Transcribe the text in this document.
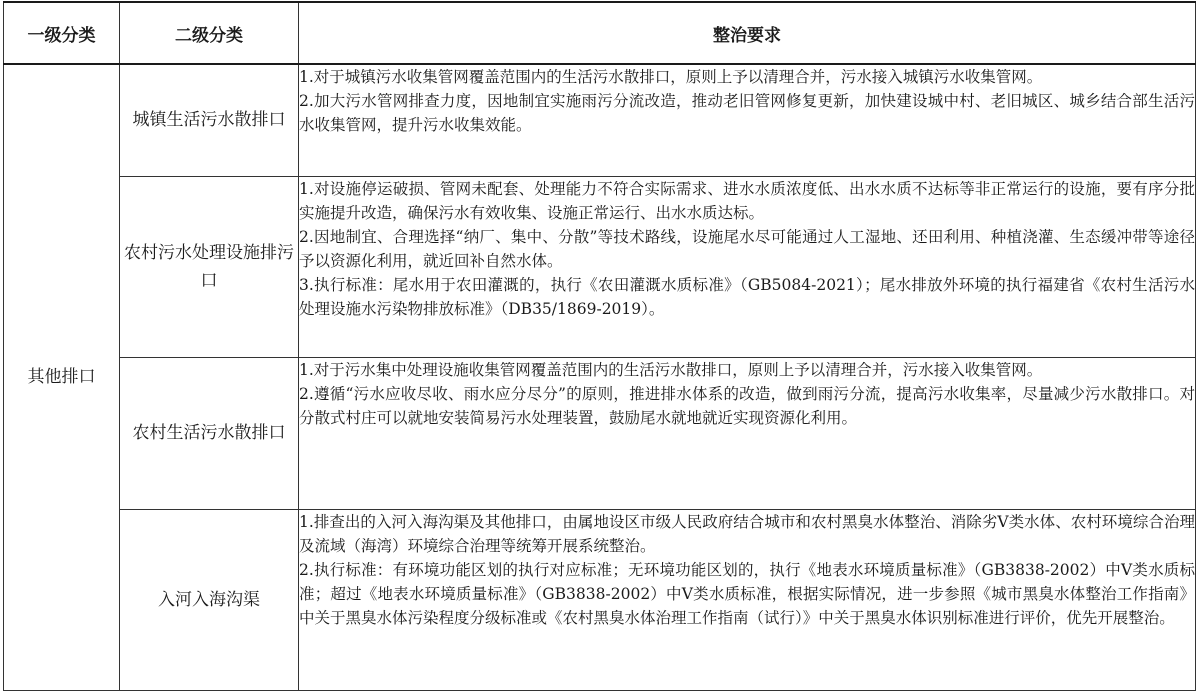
一级分类	二级分类	整治要求
其他排口	城镇生活污水散排口	1.对于城镇污水收集管网覆盖范围内的生活污水散排口，原则上予以清理合并，污水接入城镇污水收集管网。

2.加大污水管网排查力度，因地制宜实施雨污分流改造，推动老旧管网修复更新，加快建设城中村、老旧城区、城乡结合部生活污水收集管网，提升污水收集效能。

	农村污水处理设施排污口	1.对设施停运破损、管网未配套、处理能力不符合实际需求、进水水质浓度低、出水水质不达标等非正常运行的设施，要有序分批实施提升改造，确保污水有效收集、设施正常运行、出水水质达标。

2.因地制宜、合理选择“纳厂、集中、分散”等技术路线，设施尾水尽可能通过人工湿地、还田利用、种植浇灌、生态缓冲带等途径予以资源化利用，就近回补自然水体。

3.执行标准：尾水用于农田灌溉的，执行《农田灌溉水质标准》（GB5084-2021）；尾水排放外环境的执行福建省《农村生活污水处理设施水污染物排放标准》（DB35/1869-2019）。

	农村生活污水散排口	1.对于污水集中处理设施收集管网覆盖范围内的生活污水散排口，原则上予以清理合并，污水接入收集管网。

2.遵循“污水应收尽收、雨水应分尽分”的原则，推进排水体系的改造，做到雨污分流，提高污水收集率，尽量减少污水散排口。对分散式村庄可以就地安装简易污水处理装置，鼓励尾水就地就近实现资源化利用。

	入河入海沟渠	1.排查出的入河入海沟渠及其他排口，由属地设区市级人民政府结合城市和农村黑臭水体整治、消除劣Ⅴ类水体、农村环境综合治理及流域（海湾）环境综合治理等统筹开展系统整治。

2.执行标准：有环境功能区划的执行对应标准；无环境功能区划的，执行《地表水环境质量标准》（GB3838-2002）中Ⅴ类水质标准；超过《地表水环境质量标准》（GB3838-2002）中Ⅴ类水质标准，根据实际情况，进一步参照《城市黑臭水体整治工作指南》中关于黑臭水体污染程度分级标准或《农村黑臭水体治理工作指南（试行）》中关于黑臭水体识别标准进行评价，优先开展整治。
